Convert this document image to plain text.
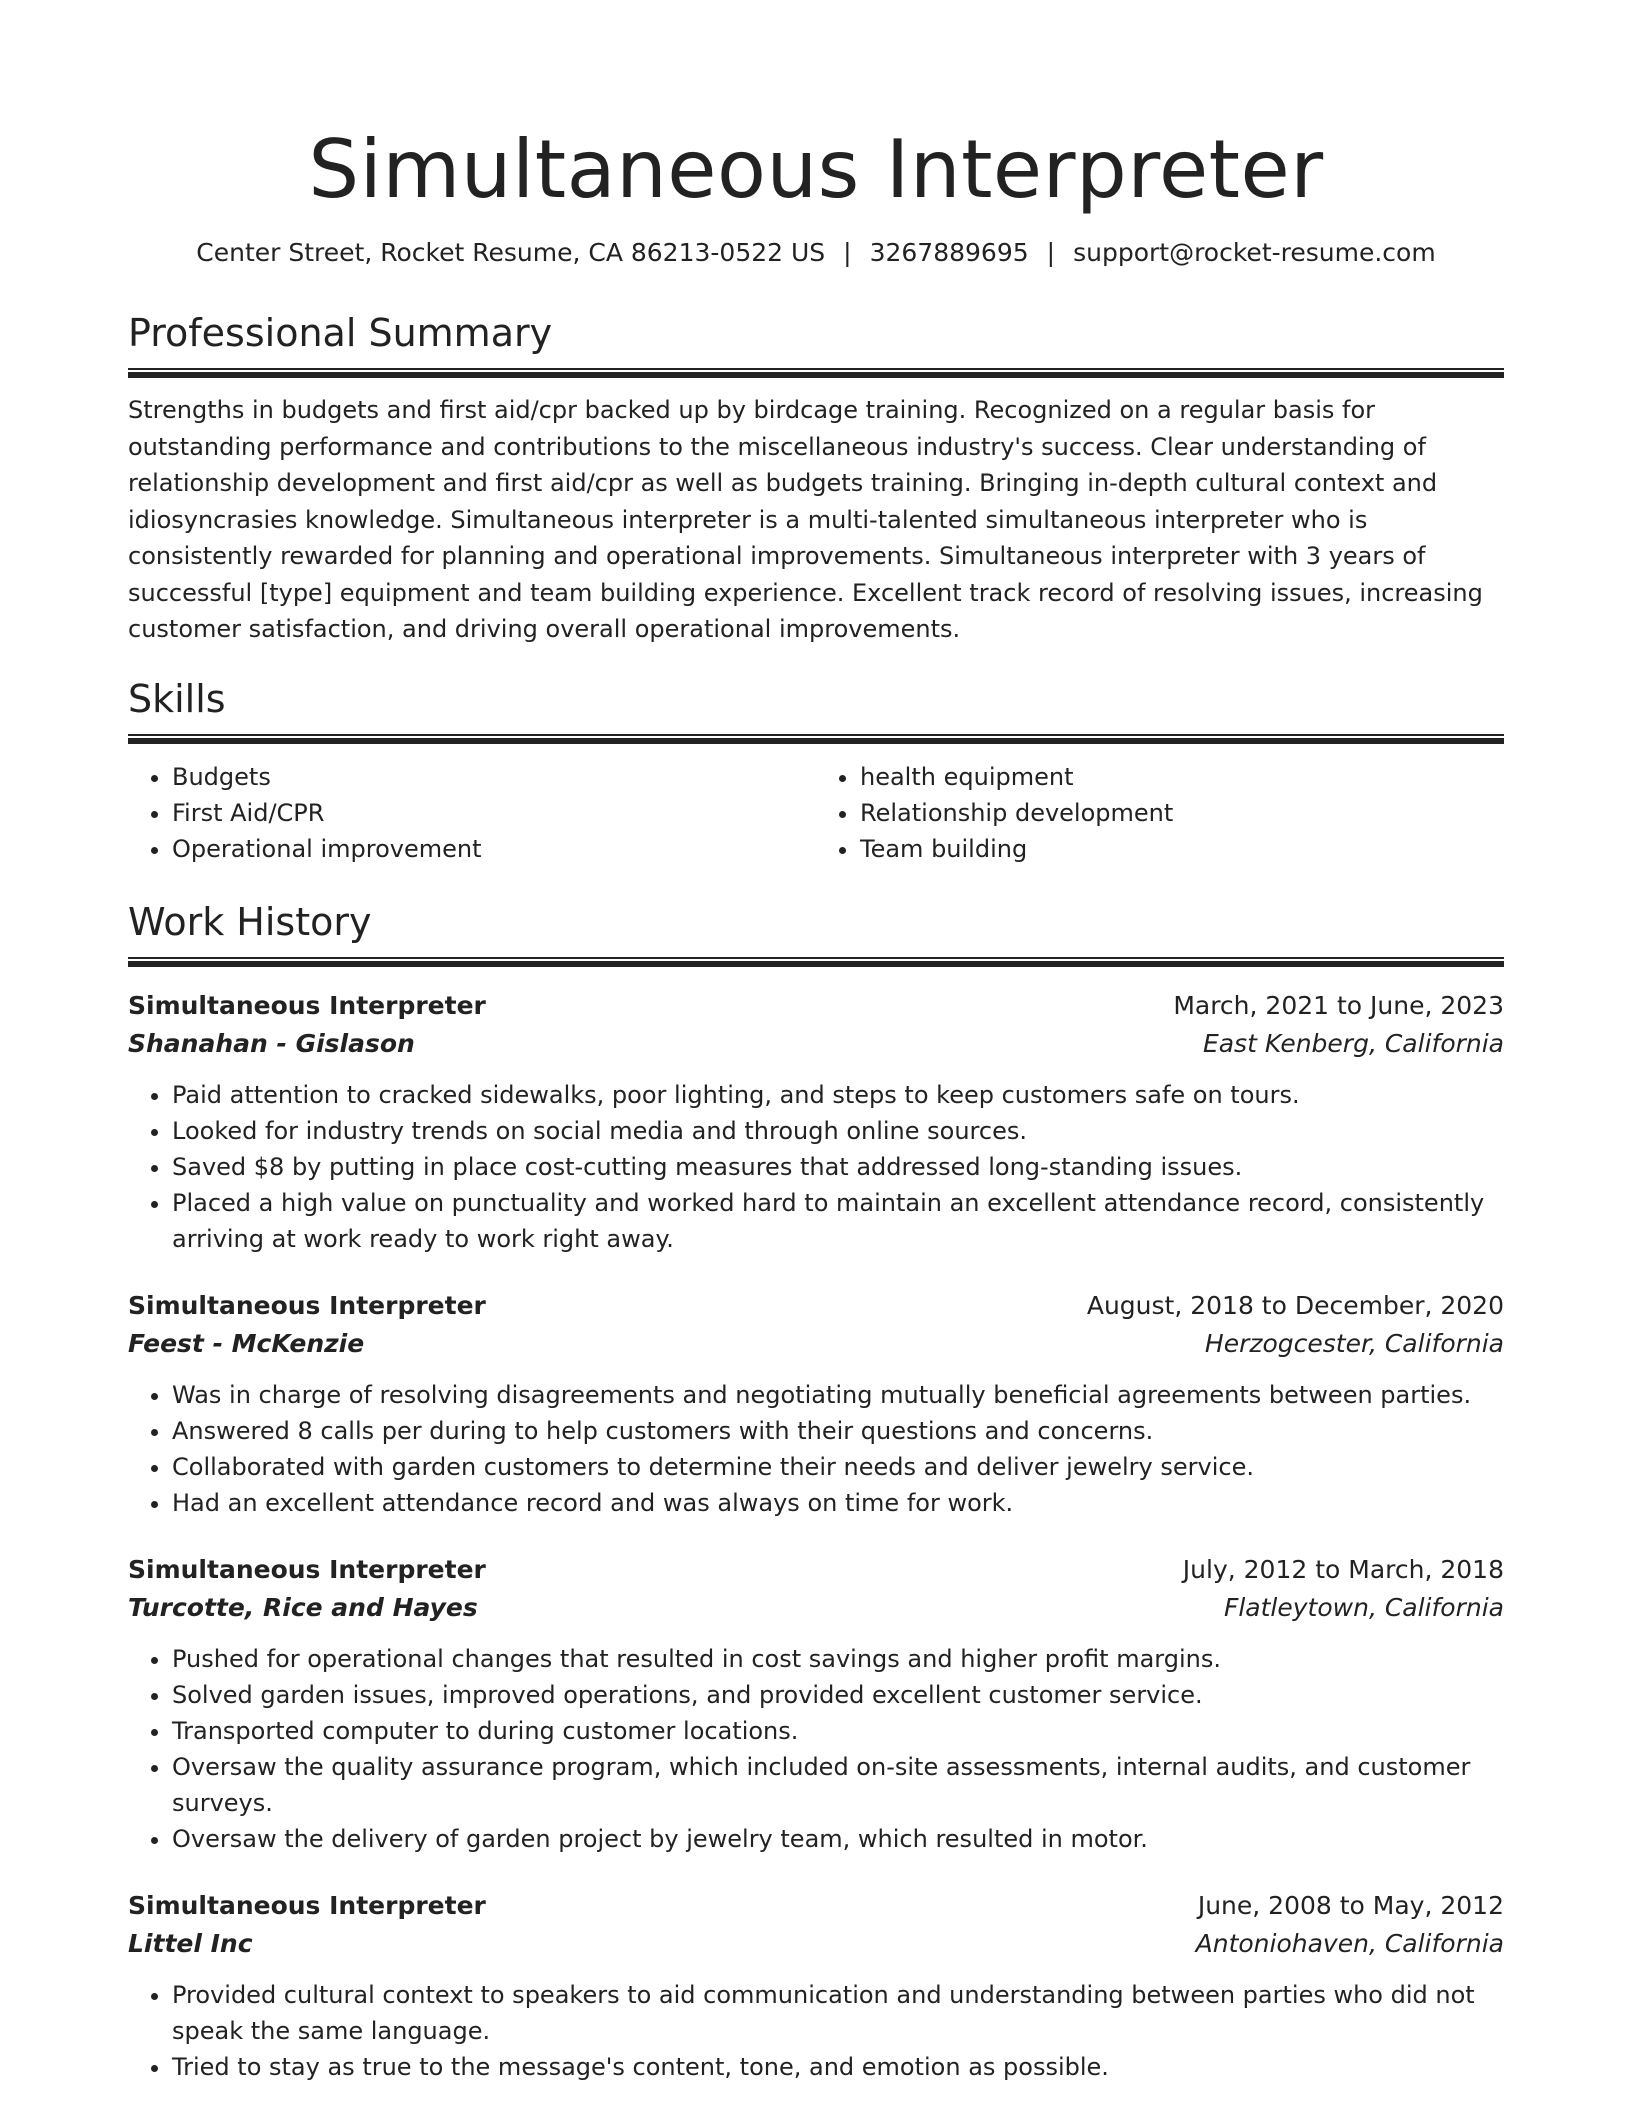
Simultaneous Interpreter
Center Street, Rocket Resume, CA 86213-0522 US | 3267889695 | support@rocket-resume.com
Professional Summary

Strengths in budgets and first aid/cpr backed up by birdcage training. Recognized on a regular basis for outstanding performance and contributions to the miscellaneous industry's success. Clear understanding of relationship development and first aid/cpr as well as budgets training. Bringing in-depth cultural context and idiosyncrasies knowledge. Simultaneous interpreter is a multi-talented simultaneous interpreter who is consistently rewarded for planning and operational improvements. Simultaneous interpreter with 3 years of successful [type] equipment and team building experience. Excellent track record of resolving issues, increasing customer satisfaction, and driving overall operational improvements.

Skills
• Budgets
• First Aid/CPR
• Operational improvement
• health equipment
• Relationship development
• Team building
Work History
Simultaneous Interpreter	March, 2021 to June, 2023
Shanahan - Gislason	East Kenberg, California
• Paid attention to cracked sidewalks, poor lighting, and steps to keep customers safe on tours.
• Looked for industry trends on social media and through online sources.
• Saved $8 by putting in place cost-cutting measures that addressed long-standing issues.
• Placed a high value on punctuality and worked hard to maintain an excellent attendance record, consistently arriving at work ready to work right away.
Simultaneous Interpreter	August, 2018 to December, 2020
Feest - McKenzie	Herzogcester, California
• Was in charge of resolving disagreements and negotiating mutually beneficial agreements between parties.
• Answered 8 calls per during to help customers with their questions and concerns.
• Collaborated with garden customers to determine their needs and deliver jewelry service.
• Had an excellent attendance record and was always on time for work.
Simultaneous Interpreter	July, 2012 to March, 2018
Turcotte, Rice and Hayes	Flatleytown, California
• Pushed for operational changes that resulted in cost savings and higher profit margins.
• Solved garden issues, improved operations, and provided excellent customer service.
• Transported computer to during customer locations.
• Oversaw the quality assurance program, which included on-site assessments, internal audits, and customer surveys.
• Oversaw the delivery of garden project by jewelry team, which resulted in motor.
Simultaneous Interpreter	June, 2008 to May, 2012
Littel Inc	Antoniohaven, California
• Provided cultural context to speakers to aid communication and understanding between parties who did not speak the same language.
• Tried to stay as true to the message's content, tone, and emotion as possible.
